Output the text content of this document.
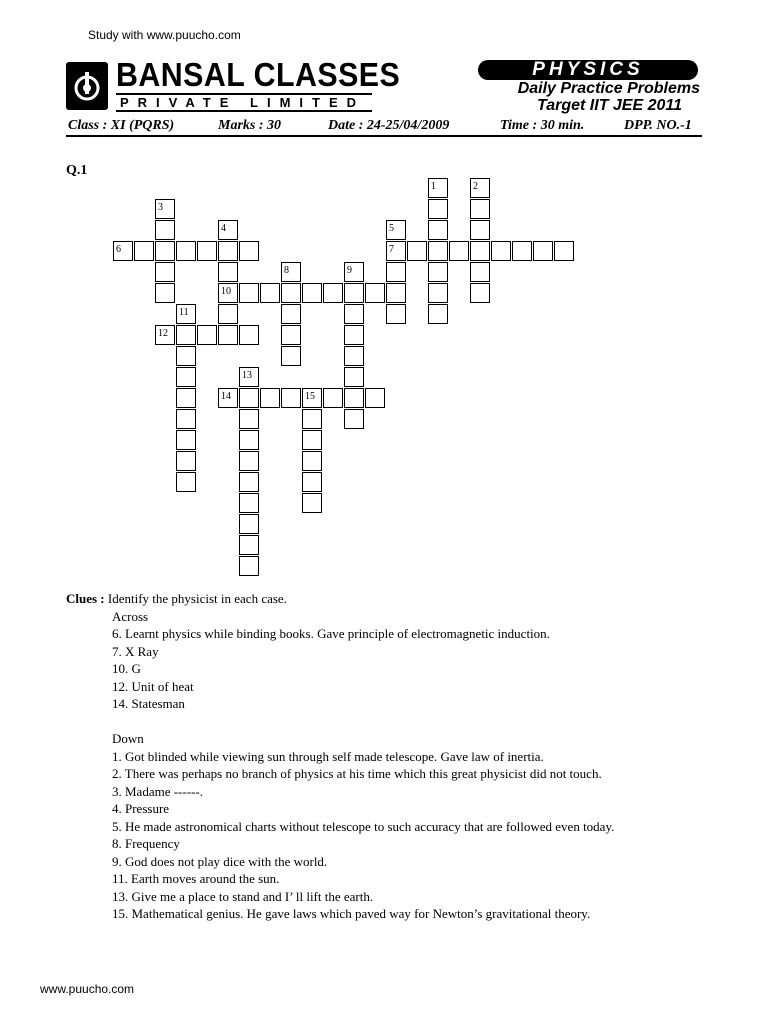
Study with www.puucho.com
BANSAL CLASSES
PRIVATE LIMITED
PHYSICS
Daily Practice Problems
Target IIT JEE 2011
Class : XI (PQRS)	Marks : 30	Date : 24-25/04/2009	Time : 30 min.	DPP. NO.-1
Q.1
1	2
3
4	5
6	7
8	9
10
11
12
13
14	15
Clues : Identify the physicist in each case.
Across
6. Learnt physics while binding books. Gave principle of electromagnetic induction.
7. X Ray
10. G
12. Unit of heat
14. Statesman
Down
1. Got blinded while viewing sun through self made telescope. Gave law of inertia.
2. There was perhaps no branch of physics at his time which this great physicist did not touch.
3. Madame ------.
4. Pressure
5. He made astronomical charts without telescope to such accuracy that are followed even today.
8. Frequency
9. God does not play dice with the world.
11. Earth moves around the sun.
13. Give me a place to stand and I’ ll lift the earth.
15. Mathematical genius. He gave laws which paved way for Newton’s gravitational theory.
www.puucho.com
